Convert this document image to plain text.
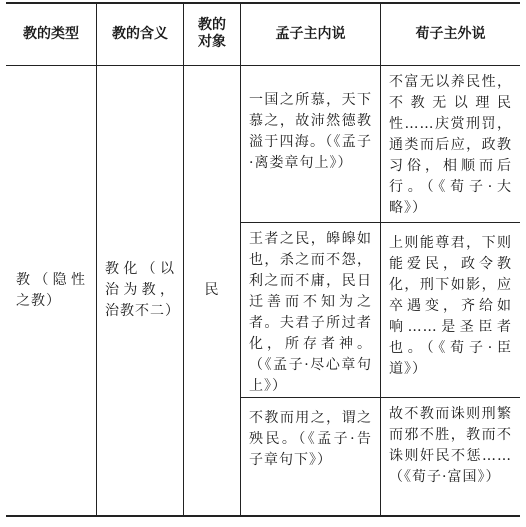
教的类型	教的含义
教的
对象
孟子主内说	荀子主外说
教（隐性之教）
教化（以治为教，治教不二）
民
一国之所慕，天下慕之，故沛然德教溢于四海。（《孟子·离娄章句上》）
王者之民，皞皞如也，杀之而不怨，利之而不庸，民日迁善而不知为之者。夫君子所过者化，所存者神。（《孟子·尽心章句上》）
不教而用之，谓之殃民。（《孟子·告子章句下》）
不富无以养民性，不教无以理民性……庆赏刑罚，通类而后应，政教习俗，相顺而后行。（《荀子·大略》）
上则能尊君，下则能爱民，政令教化，刑下如影，应卒遇变，齐给如响……是圣臣者也。（《荀子·臣道》）
故不教而诛则刑繁而邪不胜，教而不诛则奸民不惩……（《荀子·富国》）
